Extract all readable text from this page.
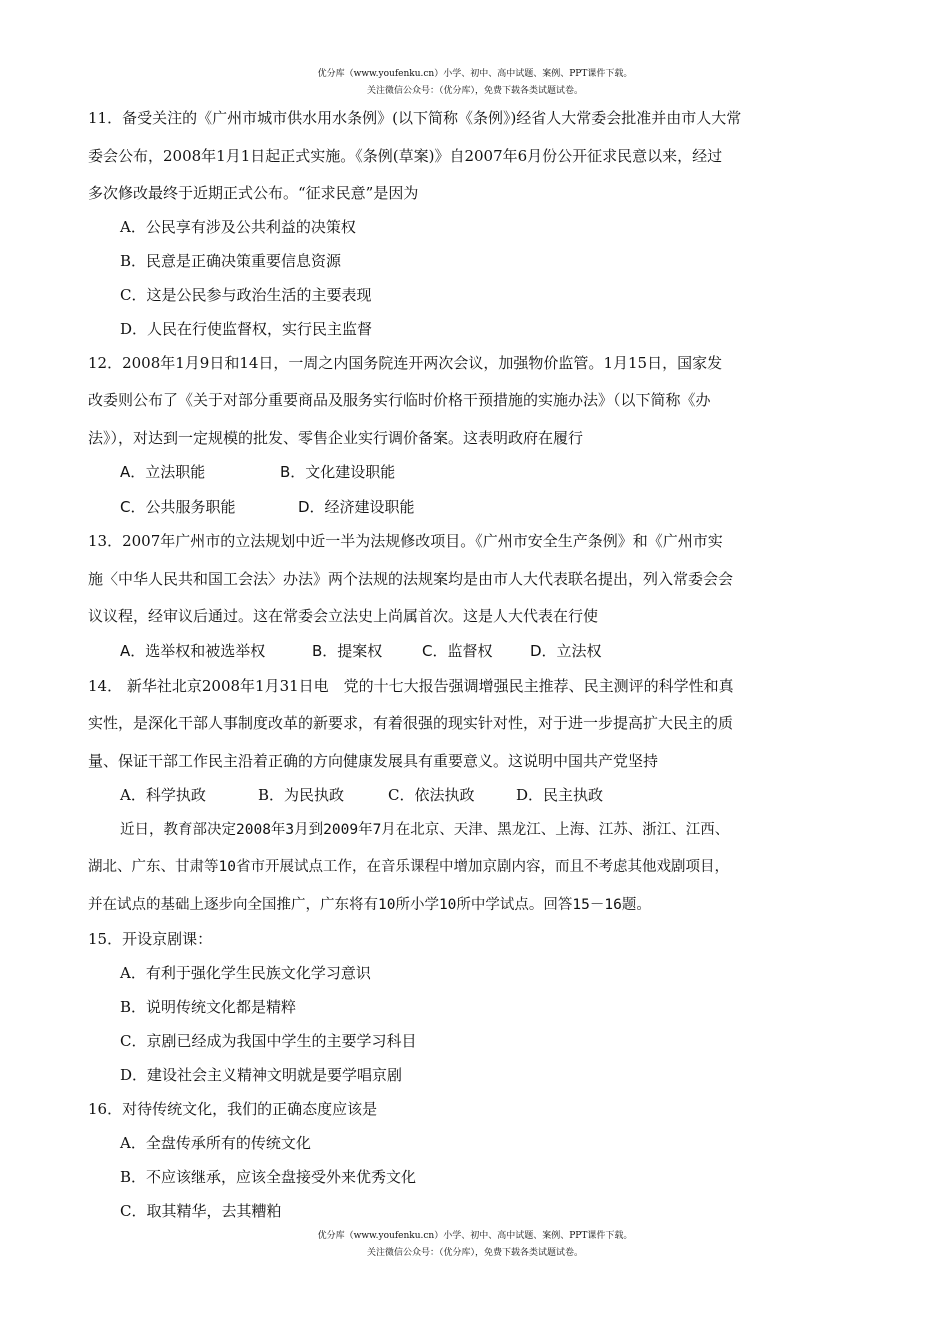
优分库（www.youfenku.cn）小学、初中、高中试题、案例、PPT课件下载。
关注微信公众号：（优分库），免费下载各类试题试卷。
11．备受关注的《广州市城市供水用水条例》(以下简称《条例》)经省人大常委会批准并由市人大常
委会公布，2008年1月1日起正式实施。《条例(草案)》自2007年6月份公开征求民意以来，经过
多次修改最终于近期正式公布。“征求民意”是因为
A．公民享有涉及公共利益的决策权
B．民意是正确决策重要信息资源
C．这是公民参与政治生活的主要表现
D．人民在行使监督权，实行民主监督
12．2008年1月9日和14日，一周之内国务院连开两次会议，加强物价监管。1月15日，国家发
改委则公布了《关于对部分重要商品及服务实行临时价格干预措施的实施办法》（以下简称《办
法》），对达到一定规模的批发、零售企业实行调价备案。这表明政府在履行
A．立法职能	B．文化建设职能
C．公共服务职能	D．经济建设职能
13．2007年广州市的立法规划中近一半为法规修改项目。《广州市安全生产条例》和《广州市实
施〈中华人民共和国工会法〉办法》两个法规的法规案均是由市人大代表联名提出，列入常委会会
议议程，经审议后通过。这在常委会立法史上尚属首次。这是人大代表在行使
A．选举权和被选举权	B．提案权	C．监督权	D．立法权
14． 新华社北京2008年1月31日电　党的十七大报告强调增强民主推荐、民主测评的科学性和真
实性，是深化干部人事制度改革的新要求，有着很强的现实针对性，对于进一步提高扩大民主的质
量、保证干部工作民主沿着正确的方向健康发展具有重要意义。这说明中国共产党坚持
A．科学执政	B．为民执政	C．依法执政	D．民主执政
近日，教育部决定2008年3月到2009年7月在北京、天津、黑龙江、上海、江苏、浙江、江西、
湖北、广东、甘肃等10省市开展试点工作，在音乐课程中增加京剧内容，而且不考虑其他戏剧项目，
并在试点的基础上逐步向全国推广，广东将有10所小学10所中学试点。回答15－16题。
15．开设京剧课：
A．有利于强化学生民族文化学习意识
B．说明传统文化都是精粹
C．京剧已经成为我国中学生的主要学习科目
D．建设社会主义精神文明就是要学唱京剧
16．对待传统文化，我们的正确态度应该是
A．全盘传承所有的传统文化
B．不应该继承，应该全盘接受外来优秀文化
C．取其精华，去其糟粕
优分库（www.youfenku.cn）小学、初中、高中试题、案例、PPT课件下载。
关注微信公众号：（优分库），免费下载各类试题试卷。
